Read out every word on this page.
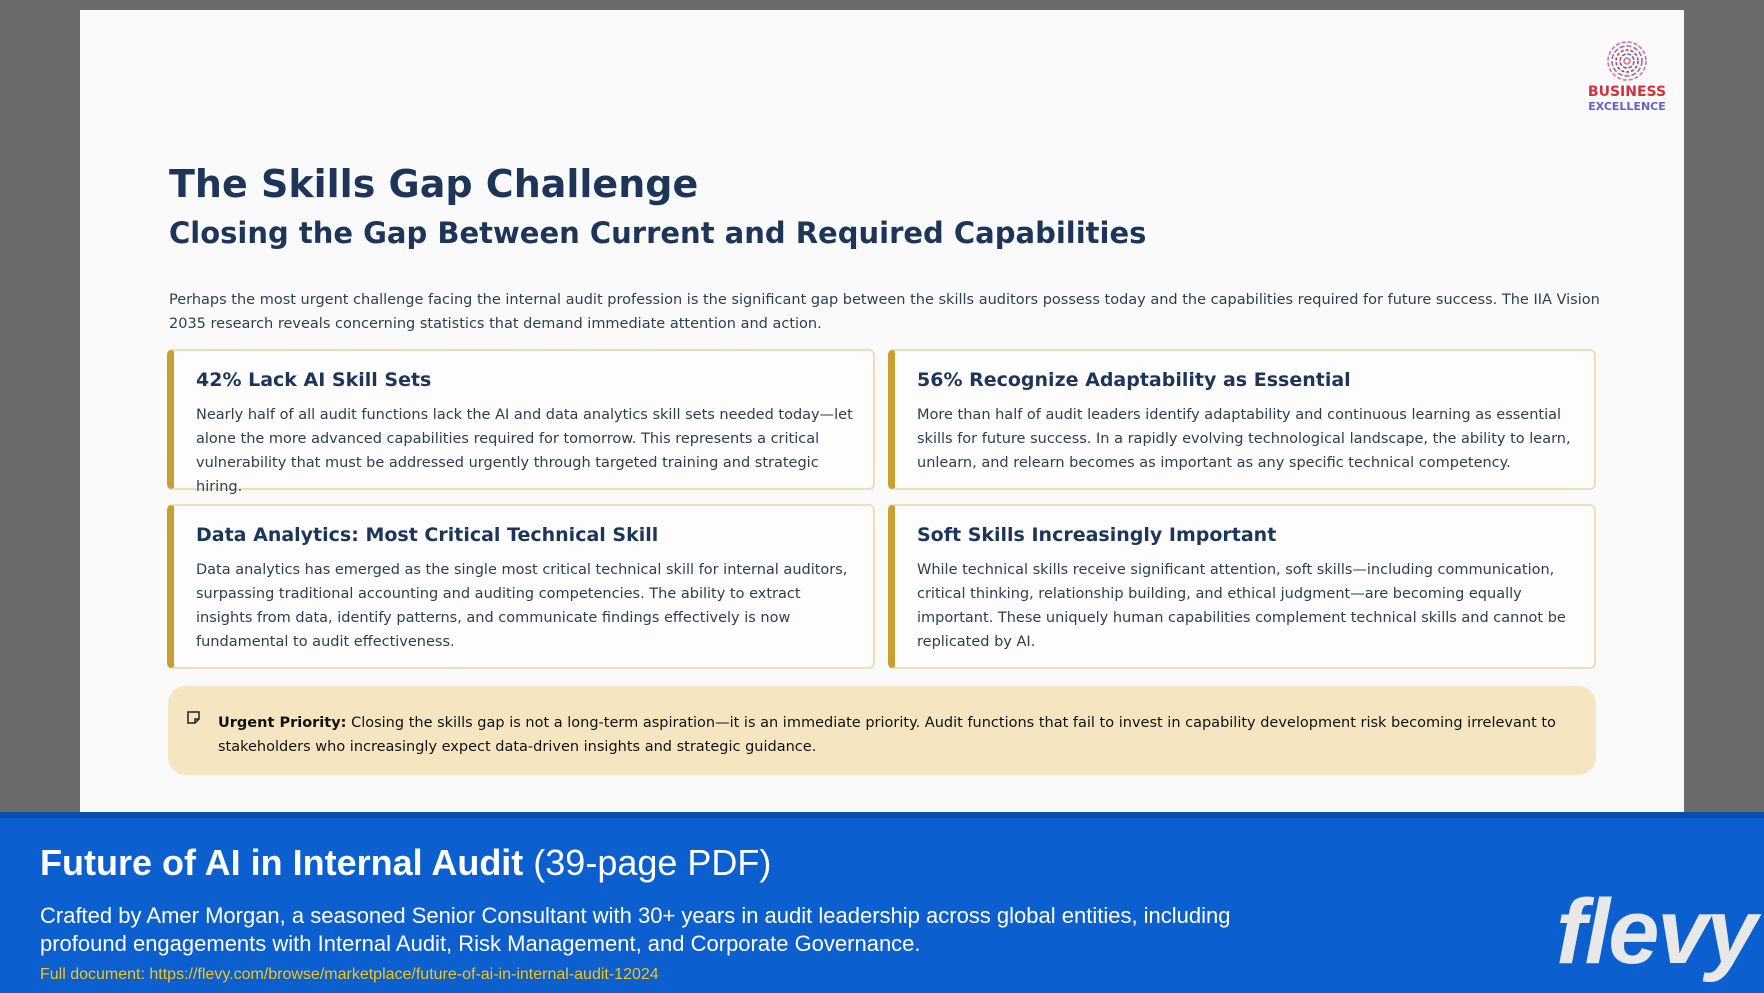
BUSINESS
EXCELLENCE
The Skills Gap Challenge
Closing the Gap Between Current and Required Capabilities

Perhaps the most urgent challenge facing the internal audit profession is the significant gap between the skills auditors possess today and the capabilities required for future success. The IIA Vision 2035 research reveals concerning statistics that demand immediate attention and action.

42% Lack AI Skill Sets

Nearly half of all audit functions lack the AI and data analytics skill sets needed today—let alone the more advanced capabilities required for tomorrow. This represents a critical vulnerability that must be addressed urgently through targeted training and strategic hiring.

56% Recognize Adaptability as Essential

More than half of audit leaders identify adaptability and continuous learning as essential skills for future success. In a rapidly evolving technological landscape, the ability to learn, unlearn, and relearn becomes as important as any specific technical competency.

Data Analytics: Most Critical Technical Skill

Data analytics has emerged as the single most critical technical skill for internal auditors, surpassing traditional accounting and auditing competencies. The ability to extract insights from data, identify patterns, and communicate findings effectively is now fundamental to audit effectiveness.

Soft Skills Increasingly Important

While technical skills receive significant attention, soft skills—including communication, critical thinking, relationship building, and ethical judgment—are becoming equally important. These uniquely human capabilities complement technical skills and cannot be replicated by AI.

Urgent Priority: Closing the skills gap is not a long-term aspiration—it is an immediate priority. Audit functions that fail to invest in capability development risk becoming irrelevant to stakeholders who increasingly expect data-driven insights and strategic guidance.

Future of AI in Internal Audit (39-page PDF)

Crafted by Amer Morgan, a seasoned Senior Consultant with 30+ years in audit leadership across global entities, including profound engagements with Internal Audit, Risk Management, and Corporate Governance.

Full document: https://flevy.com/browse/marketplace/future-of-ai-in-internal-audit-12024	flevy
